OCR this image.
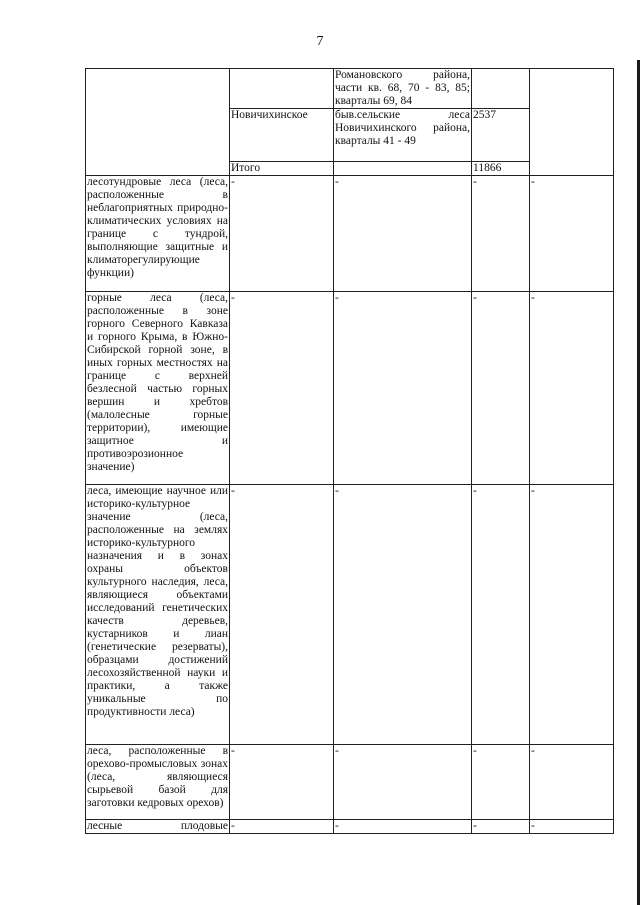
7
		Романовского района, части кв. 68, 70 - 83, 85; кварталы 69, 84		
	Новичихинское	быв.сельские леса Новичихинского района, кварталы 41 - 49	2537	
	Итого		11866	
лесотундровые леса (леса, расположенные в неблагоприятных природно-климатических условиях на границе с тундрой, выполняющие защитные и климаторегулирующие функции)	-	-	-	-
горные леса (леса, расположенные в зоне горного Северного Кавказа и горного Крыма, в Южно-Сибирской горной зоне, в иных горных местностях на границе с верхней безлесной частью горных вершин и хребтов (малолесные горные территории), имеющие защитное и противоэрозионное значение)	-	-	-	-
леса, имеющие научное или историко-культурное значение (леса, расположенные на землях историко-культурного назначения и в зонах охраны объектов культурного наследия, леса, являющиеся объектами исследований генетических качеств деревьев, кустарников и лиан (генетические резерваты), образцами достижений лесохозяйственной науки и практики, а также уникальные по продуктивности леса)	-	-	-	-
леса, расположенные в орехово-промысловых зонах (леса, являющиеся сырьевой базой для заготовки кедровых орехов)	-	-	-	-
лесные плодовые	-	-	-	-
